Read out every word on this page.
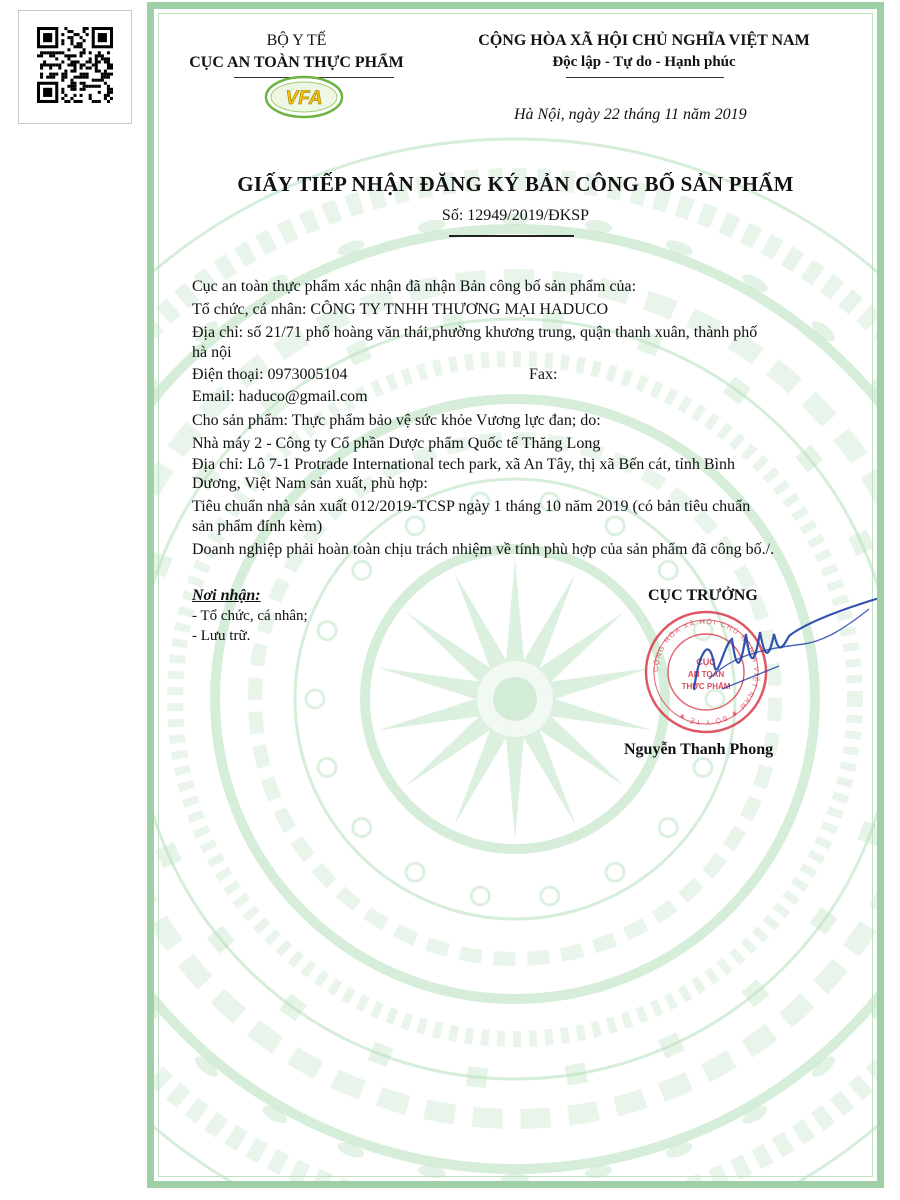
BỘ Y TẾ
CỤC AN TOÀN THỰC PHẨM
VFA
CỘNG HÒA XÃ HỘI CHỦ NGHĨA VIỆT NAM
Độc lập - Tự do - Hạnh phúc
Hà Nội, ngày 22 tháng 11 năm 2019
GIẤY TIẾP NHẬN ĐĂNG KÝ BẢN CÔNG BỐ SẢN PHẨM
Số: 12949/2019/ĐKSP
Cục an toàn thực phẩm xác nhận đã nhận Bản công bố sản phẩm của:
Tổ chức, cá nhân: CÔNG TY TNHH THƯƠNG MẠI HADUCO
Địa chỉ: số 21/71 phố hoàng văn thái,phường khương trung, quận thanh xuân, thành phố
hà nội
Điện thoại: 0973005104	Fax:
Email: haduco@gmail.com
Cho sản phẩm: Thực phẩm bảo vệ sức khỏe Vương lực đan; do:
Nhà máy 2 - Công ty Cổ phần Dược phẩm Quốc tế Thăng Long
Địa chỉ: Lô 7-1 Protrade International tech park, xã An Tây, thị xã Bến cát, tỉnh Bình
Dương, Việt Nam sản xuất, phù hợp:
Tiêu chuẩn nhà sản xuất 012/2019-TCSP ngày 1 tháng 10 năm 2019 (có bản tiêu chuẩn
sản phẩm đính kèm)
Doanh nghiệp phải hoàn toàn chịu trách nhiệm về tính phù hợp của sản phẩm đã công bố./.
Nơi nhận:
- Tổ chức, cá nhân;
- Lưu trữ.
CỤC TRƯỞNG
CỘNG HÒA XÃ HỘI CHỦ NGHĨA VIỆT NAM ★ BỘ Y TẾ ★
CỤC
AN TOÀN
THỰC PHẨM
Nguyễn Thanh Phong
